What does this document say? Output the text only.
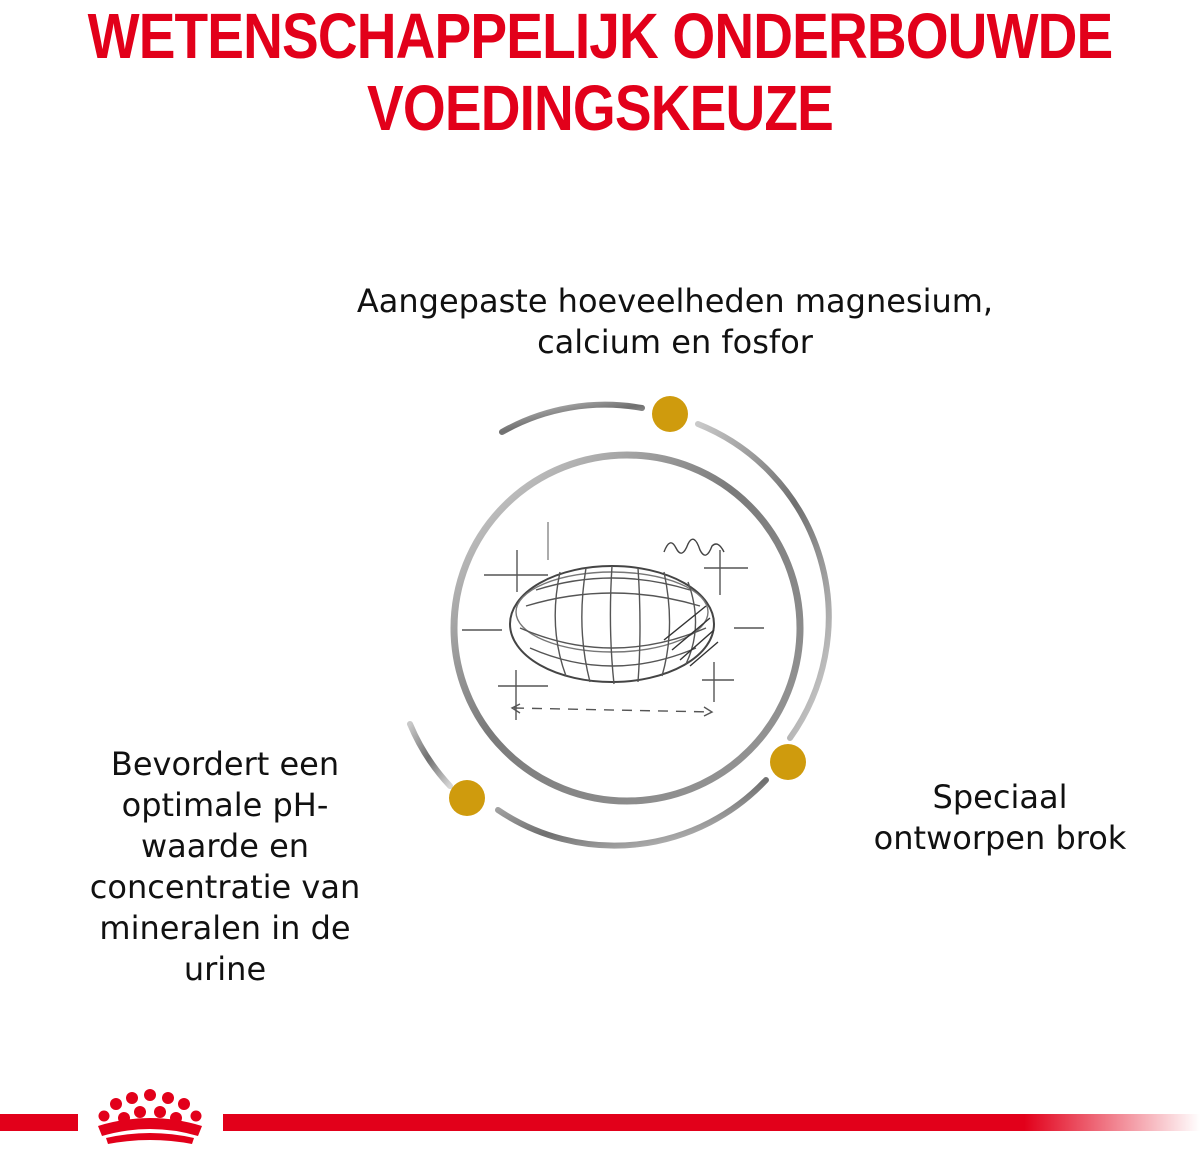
WETENSCHAPPELIJK ONDERBOUWDE
VOEDINGSKEUZE
Aangepaste hoeveelheden magnesium,
calcium en fosfor
Bevordert een
optimale pH-
waarde en
concentratie van
mineralen in de
urine
Speciaal
ontworpen brok
